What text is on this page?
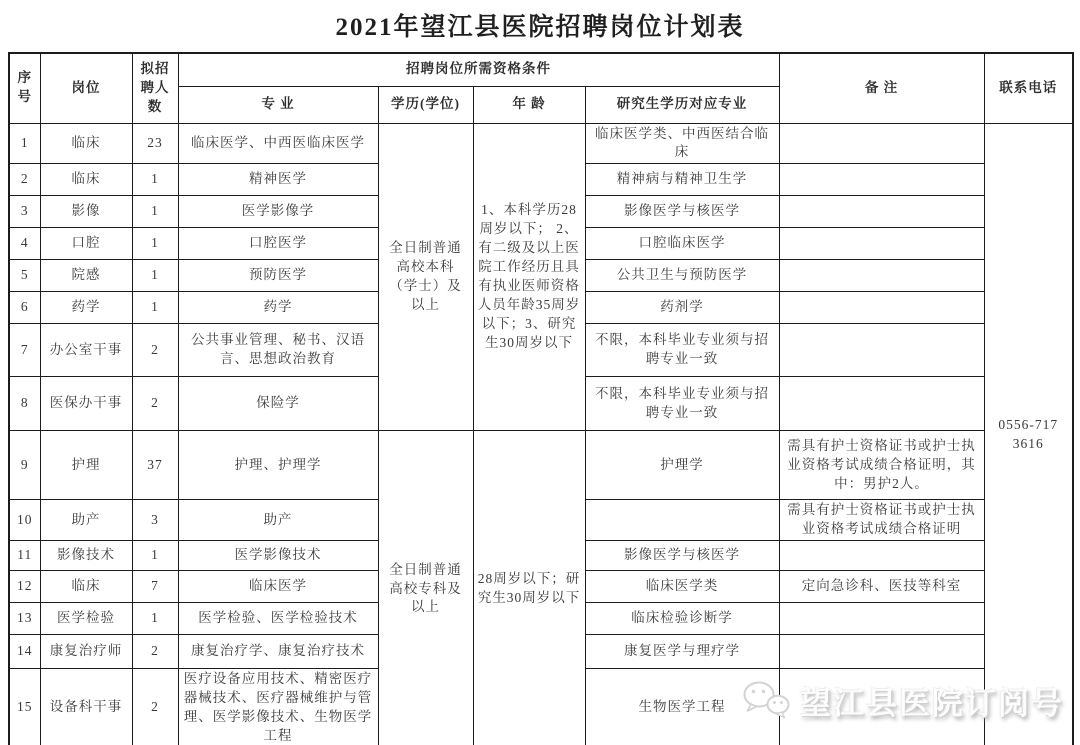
2021年望江县医院招聘岗位计划表
序号	岗位	拟招聘人数	招聘岗位所需资格条件				备 注	联系电话
			专 业	学历(学位)	年 龄	研究生学历对应专业		
1	临床	23	临床医学、中西医临床医学	全日制普通高校本科（学士）及以上	1、本科学历28周岁以下； 2、有二级及以上医院工作经历且具有执业医师资格人员年龄35周岁以下；3、研究生30周岁以下	临床医学类、中西医结合临床		0556-7173616
2	临床	1	精神医学			精神病与精神卫生学		
3	影像	1	医学影像学			影像医学与核医学		
4	口腔	1	口腔医学			口腔临床医学		
5	院感	1	预防医学			公共卫生与预防医学		
6	药学	1	药学			药剂学		
7	办公室干事	2	公共事业管理、秘书、汉语言、思想政治教育			不限，本科毕业专业须与招聘专业一致		
8	医保办干事	2	保险学			不限，本科毕业专业须与招聘专业一致		
9	护理	37	护理、护理学	全日制普通高校专科及以上	28周岁以下；研究生30周岁以下	护理学	需具有护士资格证书或护士执业资格考试成绩合格证明，其中：男护2人。	
10	助产	3	助产				需具有护士资格证书或护士执业资格考试成绩合格证明	
11	影像技术	1	医学影像技术			影像医学与核医学		
12	临床	7	临床医学			临床医学类	定向急诊科、医技等科室	
13	医学检验	1	医学检验、医学检验技术			临床检验诊断学		
14	康复治疗师	2	康复治疗学、康复治疗技术			康复医学与理疗学		
15	设备科干事	2	医疗设备应用技术、精密医疗器械技术、医疗器械维护与管理、医学影像技术、生物医学工程			生物医学工程		望江县医院订阅号
